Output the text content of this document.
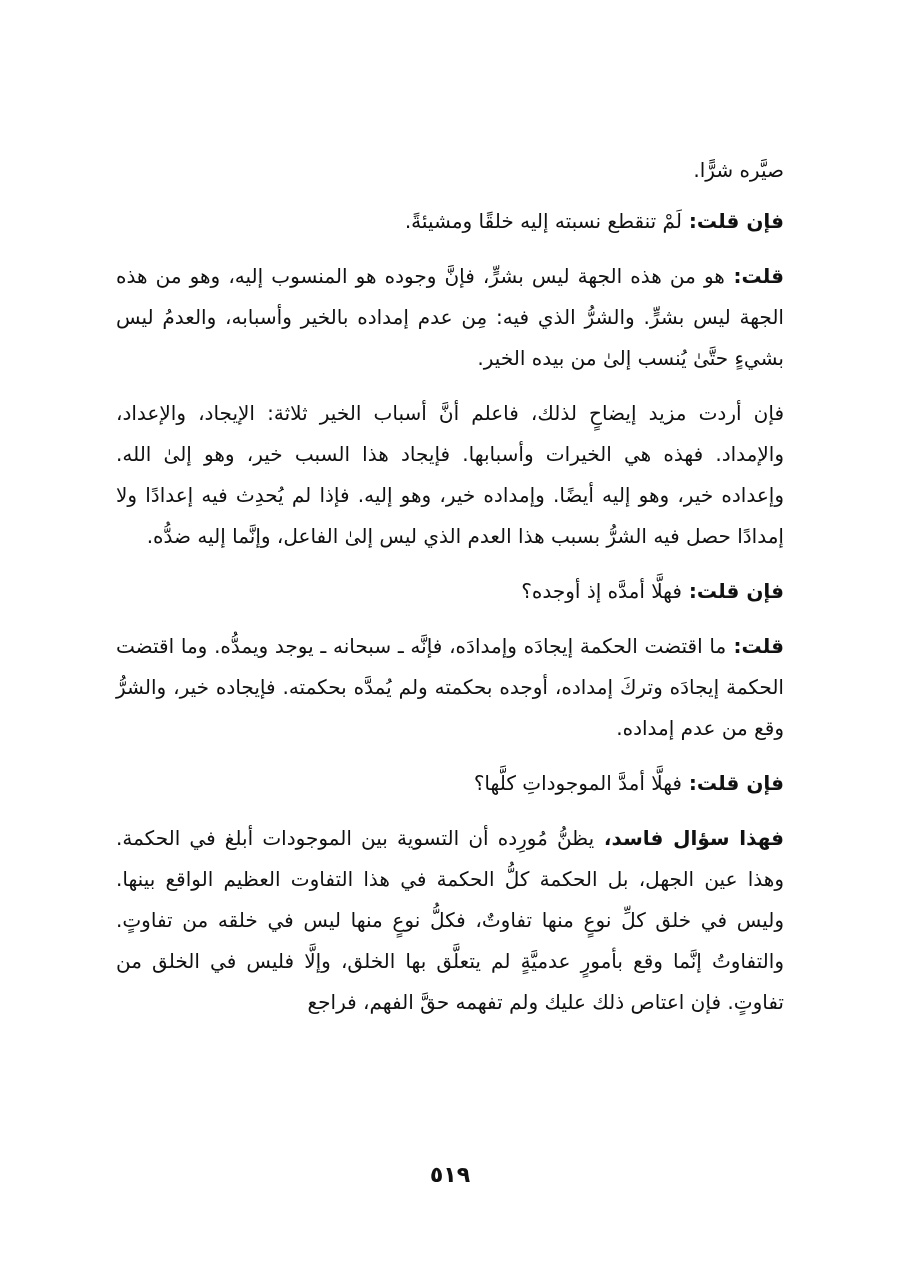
صيَّره شرًّا.

فإن قلت: لَمْ تنقطع نسبته إليه خلقًا ومشيئةً.

قلت: هو من هذه الجهة ليس بشرٍّ، فإنَّ وجوده هو المنسوب إليه، وهو من هذه الجهة ليس بشرٍّ. والشرُّ الذي فيه: مِن عدم إمداده بالخير وأسبابه، والعدمُ ليس بشيءٍ حتَّىٰ يُنسب إلىٰ من بيده الخير.

فإن أردت مزيد إيضاحٍ لذلك، فاعلم أنَّ أسباب الخير ثلاثة: الإيجاد، والإعداد، والإمداد. فهذه هي الخيرات وأسبابها. فإيجاد هذا السبب خير، وهو إلىٰ الله. وإعداده خير، وهو إليه أيضًا. وإمداده خير، وهو إليه. فإذا لم يُحدِث فيه إعدادًا ولا إمدادًا حصل فيه الشرُّ بسبب هذا العدم الذي ليس إلىٰ الفاعل، وإنَّما إليه ضدُّه.

فإن قلت: فهلَّا أمدَّه إذ أوجده؟

قلت: ما اقتضت الحكمة إيجادَه وإمدادَه، فإنَّه ـ سبحانه ـ يوجد ويمدُّه. وما اقتضت الحكمة إيجادَه وتركَ إمداده، أوجده بحكمته ولم يُمدَّه بحكمته. فإيجاده خير، والشرُّ وقع من عدم إمداده.

فإن قلت: فهلَّا أمدَّ الموجوداتِ كلَّها؟

فهذا سؤال فاسد، يظنُّ مُورِده أن التسوية بين الموجودات أبلغ في الحكمة. وهذا عين الجهل، بل الحكمة كلُّ الحكمة في هذا التفاوت العظيم الواقع بينها. وليس في خلق كلِّ نوعٍ منها تفاوتٌ، فكلُّ نوعٍ منها ليس في خلقه من تفاوتٍ. والتفاوتُ إنَّما وقع بأمورٍ عدميَّةٍ لم يتعلَّق بها الخلق، وإلَّا فليس في الخلق من تفاوتٍ. فإن اعتاص ذلك عليك ولم تفهمه حقَّ الفهم، فراجع

٥١٩
